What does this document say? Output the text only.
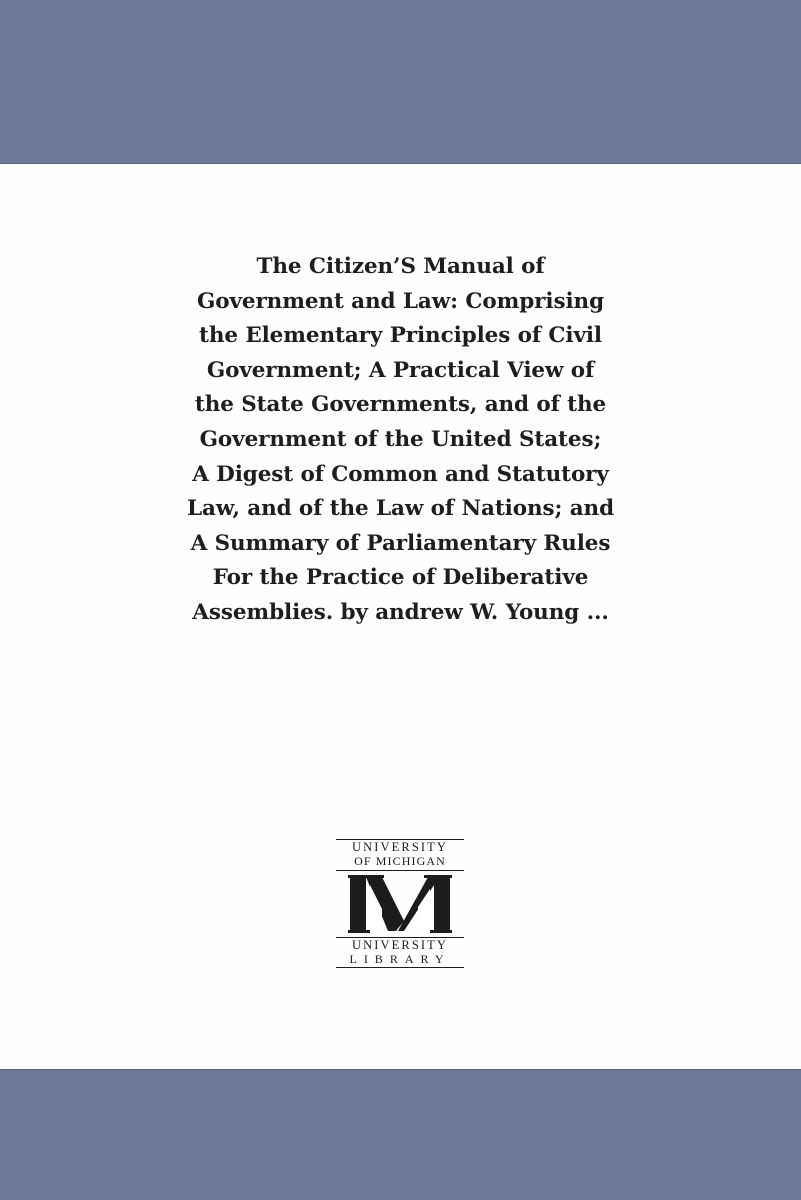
The Citizen’S Manual of
Government and Law: Comprising
the Elementary Principles of Civil
Government; A Practical View of
the State Governments, and of the
Government of the United States;
A Digest of Common and Statutory
Law, and of the Law of Nations; and
A Summary of Parliamentary Rules
For the Practice of Deliberative
Assemblies. by andrew W. Young ...
UNIVERSITY
OF MICHIGAN
UNIVERSITY
LIBRARY
